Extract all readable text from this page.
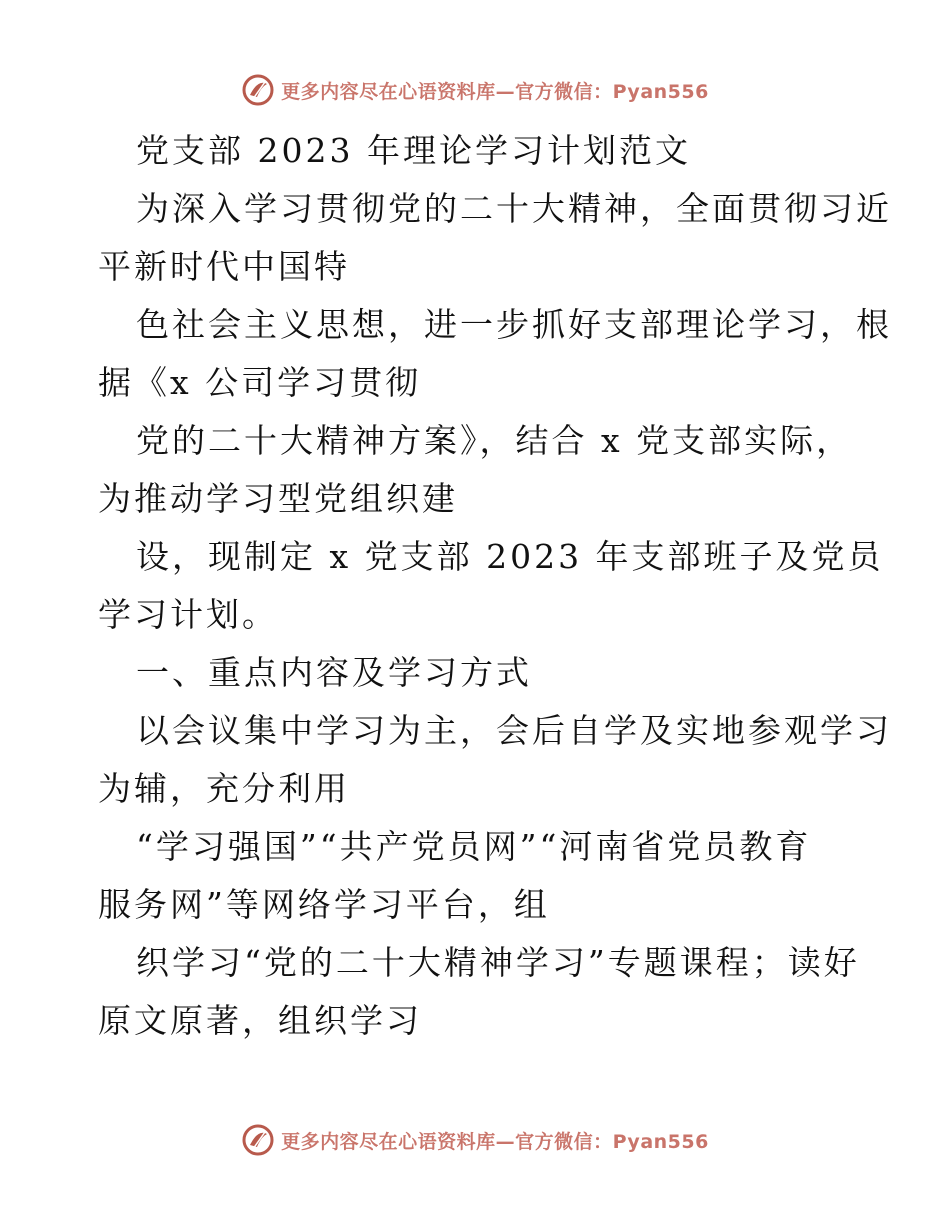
更多内容尽在心语资料库—官方微信：Pyan556
党支部 2023 年理论学习计划范文
为深入学习贯彻党的二十大精神，全面贯彻习近
平新时代中国特
色社会主义思想，进一步抓好支部理论学习，根
据《x 公司学习贯彻
党的二十大精神方案》，结合 x 党支部实际，
为推动学习型党组织建
设，现制定 x 党支部 2023 年支部班子及党员
学习计划。
一、重点内容及学习方式
以会议集中学习为主，会后自学及实地参观学习
为辅，充分利用
“学习强国”“共产党员网”“河南省党员教育
服务网”等网络学习平台，组
织学习“党的二十大精神学习”专题课程；读好
原文原著，组织学习
更多内容尽在心语资料库—官方微信：Pyan556
